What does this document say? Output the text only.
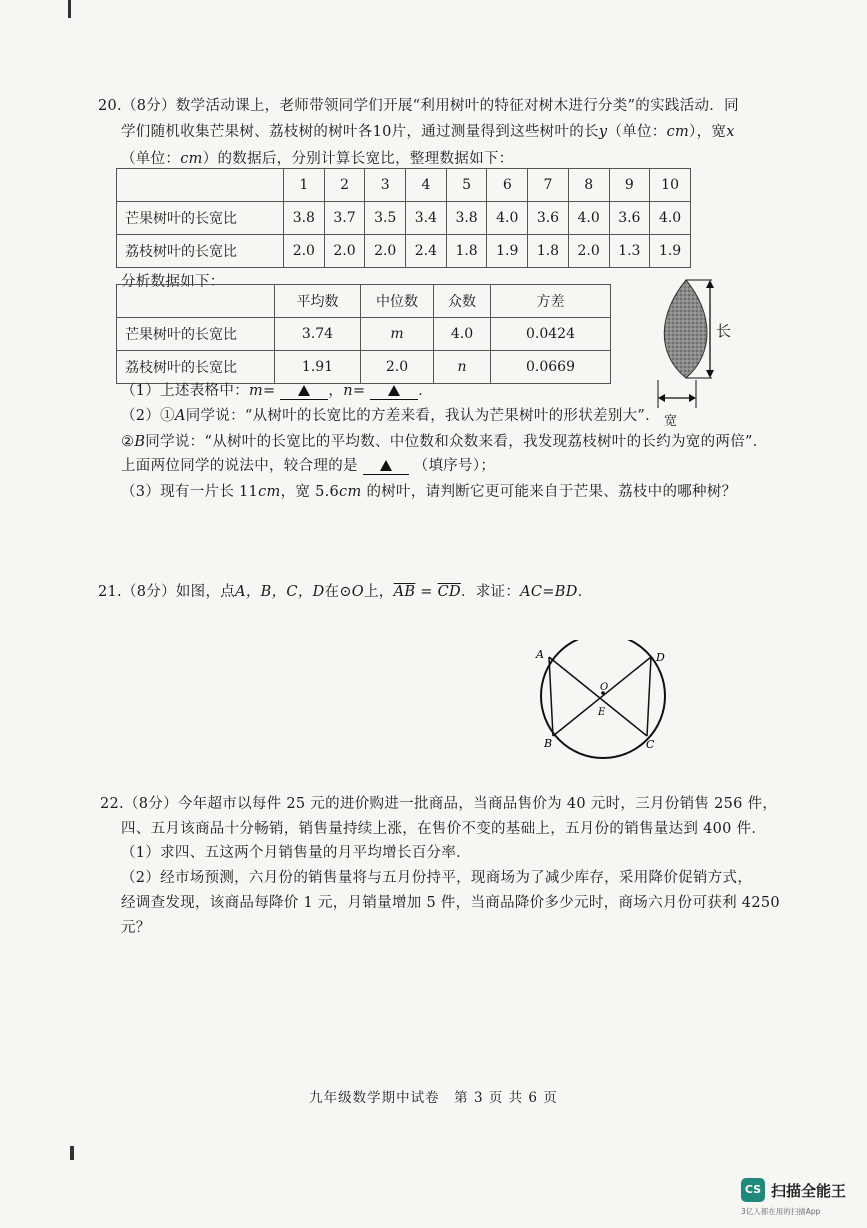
20.（8分）数学活动课上，老师带领同学们开展“利用树叶的特征对树木进行分类”的实践活动．同
学们随机收集芒果树、荔枝树的树叶各10片，通过测量得到这些树叶的长y（单位：cm），宽x
（单位：cm）的数据后，分别计算长宽比，整理数据如下：
	1	2	3	4	5	6	7	8	9	10
芒果树叶的长宽比	3.8	3.7	3.5	3.4	3.8	4.0	3.6	4.0	3.6	4.0
荔枝树叶的长宽比	2.0	2.0	2.0	2.4	1.8	1.9	1.8	2.0	1.3	1.9
分析数据如下：
	平均数	中位数	众数	方差
芒果树叶的长宽比	3.74	m	4.0	0.0424
荔枝树叶的长宽比	1.91	2.0	n	0.0669
长
宽
（1）上述表格中：m=	，n=	．
（2）①A同学说：“从树叶的长宽比的方差来看，我认为芒果树叶的形状差别大”．
②B同学说：“从树叶的长宽比的平均数、中位数和众数来看，我发现荔枝树叶的长约为宽的两倍”．
上面两位同学的说法中，较合理的是	（填序号）；
（3）现有一片长 11cm，宽 5.6cm 的树叶，请判断它更可能来自于芒果、荔枝中的哪种树？
21.（8分）如图，点A，B，C，D在⊙O上，$\overline{AB} = \overline{CD}$．求证：AC=BD．
A	D
B	C
O
E
22.（8分）今年超市以每件 25 元的进价购进一批商品，当商品售价为 40 元时，三月份销售 256 件，
四、五月该商品十分畅销，销售量持续上涨，在售价不变的基础上，五月份的销售量达到 400 件．
（1）求四、五这两个月销售量的月平均增长百分率．
（2）经市场预测，六月份的销售量将与五月份持平，现商场为了减少库存，采用降价促销方式，
经调查发现，该商品每降价 1 元，月销量增加 5 件，当商品降价多少元时，商场六月份可获利 4250
元？
九年级数学期中试卷　第 3 页 共 6 页
CS 扫描全能王
3亿人都在用的扫描App
